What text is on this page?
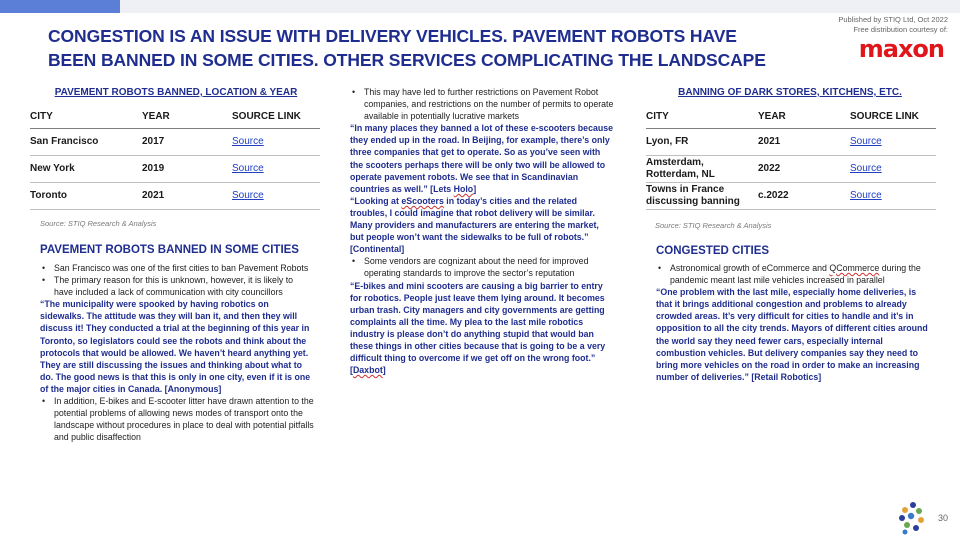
CONGESTION IS AN ISSUE WITH DELIVERY VEHICLES. PAVEMENT ROBOTS HAVE BEEN BANNED IN SOME CITIES. OTHER SERVICES COMPLICATING THE LANDSCAPE
Published by STIQ Ltd, Oct 2022
Free distribution courtesy of:
maxon
PAVEMENT ROBOTS BANNED, LOCATION & YEAR
CITY	YEAR	SOURCE LINK
San Francisco	2017	Source
New York	2019	Source
Toronto	2021	Source
Source: STIQ Research & Analysis
PAVEMENT ROBOTS BANNED IN SOME CITIES
• San Francisco was one of the first cities to ban Pavement Robots
• The primary reason for this is unknown, however, it is likely to have included a lack of communication with city councillors

“The municipality were spooked by having robotics on sidewalks. The attitude was they will ban it, and then they will discuss it! They conducted a trial at the beginning of this year in Toronto, so legislators could see the robots and think about the protocols that would be allowed. We haven’t heard anything yet. They are still discussing the issues and thinking about what to do. The good news is that this is only in one city, even if it is one of the major cities in Canada. [Anonymous]

• In addition, E-bikes and E-scooter litter have drawn attention to the potential problems of allowing news modes of transport onto the landscape without procedures in place to deal with potential pitfalls and public disaffection
• This may have led to further restrictions on Pavement Robot companies, and restrictions on the number of permits to operate available in potentially lucrative markets

“In many places they banned a lot of these e-scooters because they ended up in the road. In Beijing, for example, there’s only three companies that get to operate. So as you’ve seen with the scooters perhaps there will be only two will be allowed to operate pavement robots. We see that in Scandinavian countries as well.” [Lets Holo]

“Looking at eScooters in today’s cities and the related troubles, I could imagine that robot delivery will be similar. Many providers and manufacturers are entering the market, but people won’t want the sidewalks to be full of robots.” [Continental]

• Some vendors are cognizant about the need for improved operating standards to improve the sector’s reputation

“E-bikes and mini scooters are causing a big barrier to entry for robotics. People just leave them lying around. It becomes urban trash. City managers and city governments are getting complaints all the time. My plea to the last mile robotics industry is please don’t do anything stupid that would ban these things in other cities because that is going to be a very difficult thing to overcome if we get off on the wrong foot.” [Daxbot]

BANNING OF DARK STORES, KITCHENS, ETC.
CITY	YEAR	SOURCE LINK
Lyon, FR	2021	Source
Amsterdam, Rotterdam, NL	2022	Source
Towns in France discussing banning	c.2022	Source
Source: STIQ Research & Analysis
CONGESTED CITIES
• Astronomical growth of eCommerce and QCommerce during the pandemic meant last mile vehicles increased in parallel

“One problem with the last mile, especially home deliveries, is that it brings additional congestion and problems to already crowded areas. It’s very difficult for cities to handle and it’s in opposition to all the city trends. Mayors of different cities around the world say they need fewer cars, especially internal combustion vehicles. But delivery companies say they need to bring more vehicles on the road in order to make an increasing number of deliveries.” [Retail Robotics]

30
